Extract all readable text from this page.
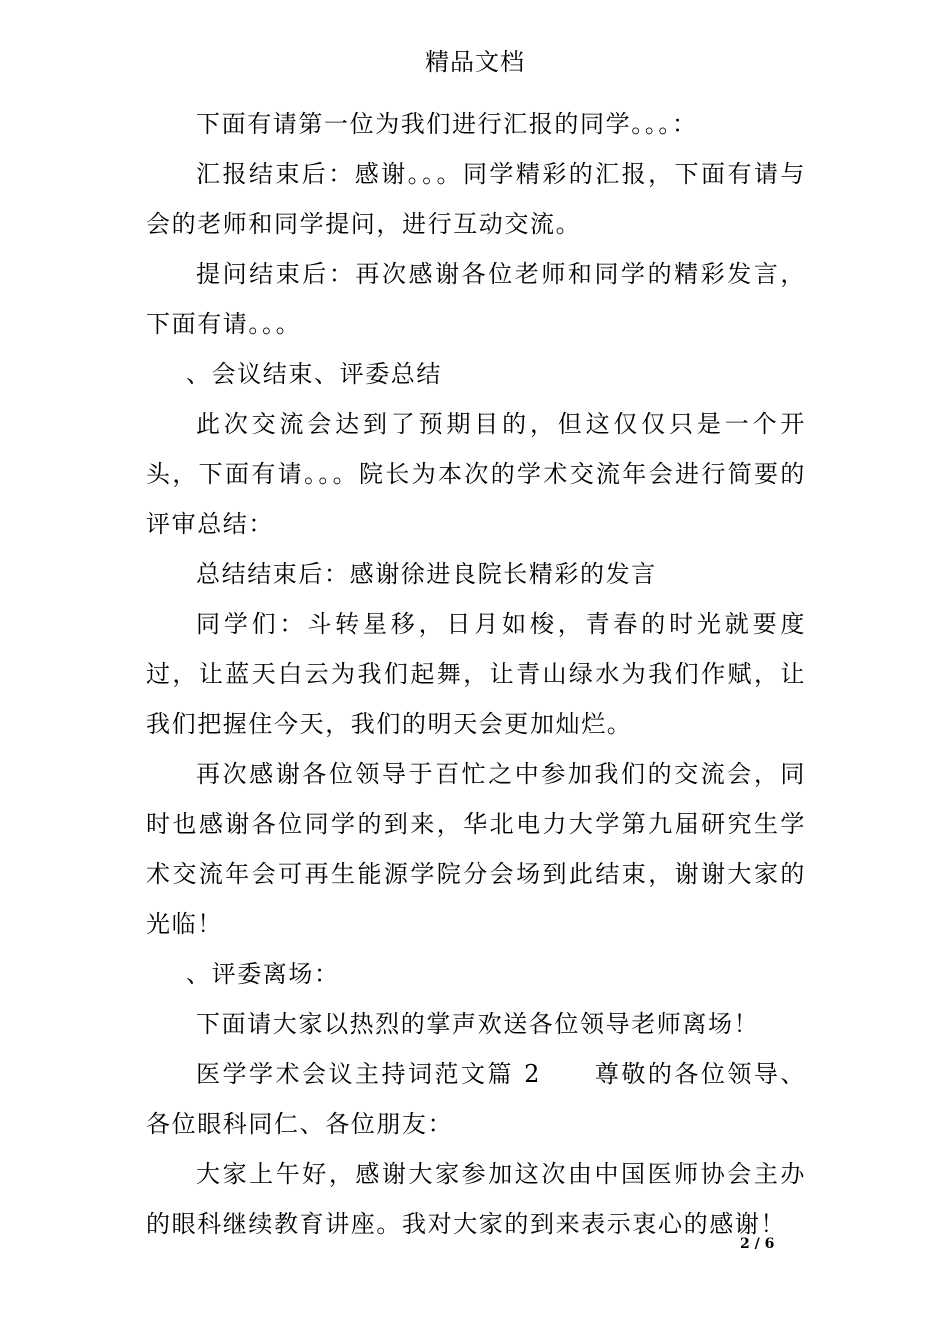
精品文档

下面有请第一位为我们进行汇报的同学。。。：

汇报结束后：感谢。。。同学精彩的汇报，下面有请与会的老师和同学提问，进行互动交流。

提问结束后：再次感谢各位老师和同学的精彩发言，下面有请。。。

、会议结束、评委总结

此次交流会达到了预期目的，但这仅仅只是一个开头，下面有请。。。院长为本次的学术交流年会进行简要的评审总结：

总结结束后：感谢徐进良院长精彩的发言

同学们：斗转星移，日月如梭，青春的时光就要度过，让蓝天白云为我们起舞，让青山绿水为我们作赋，让我们把握住今天，我们的明天会更加灿烂。

再次感谢各位领导于百忙之中参加我们的交流会，同时也感谢各位同学的到来，华北电力大学第九届研究生学术交流年会可再生能源学院分会场到此结束，谢谢大家的光临！

、评委离场：

下面请大家以热烈的掌声欢送各位领导老师离场！

医学学术会议主持词范文篇 2　　尊敬的各位领导、各位眼科同仁、各位朋友：

大家上午好，感谢大家参加这次由中国医师协会主办的眼科继续教育讲座。我对大家的到来表示衷心的感谢！

2 / 6
